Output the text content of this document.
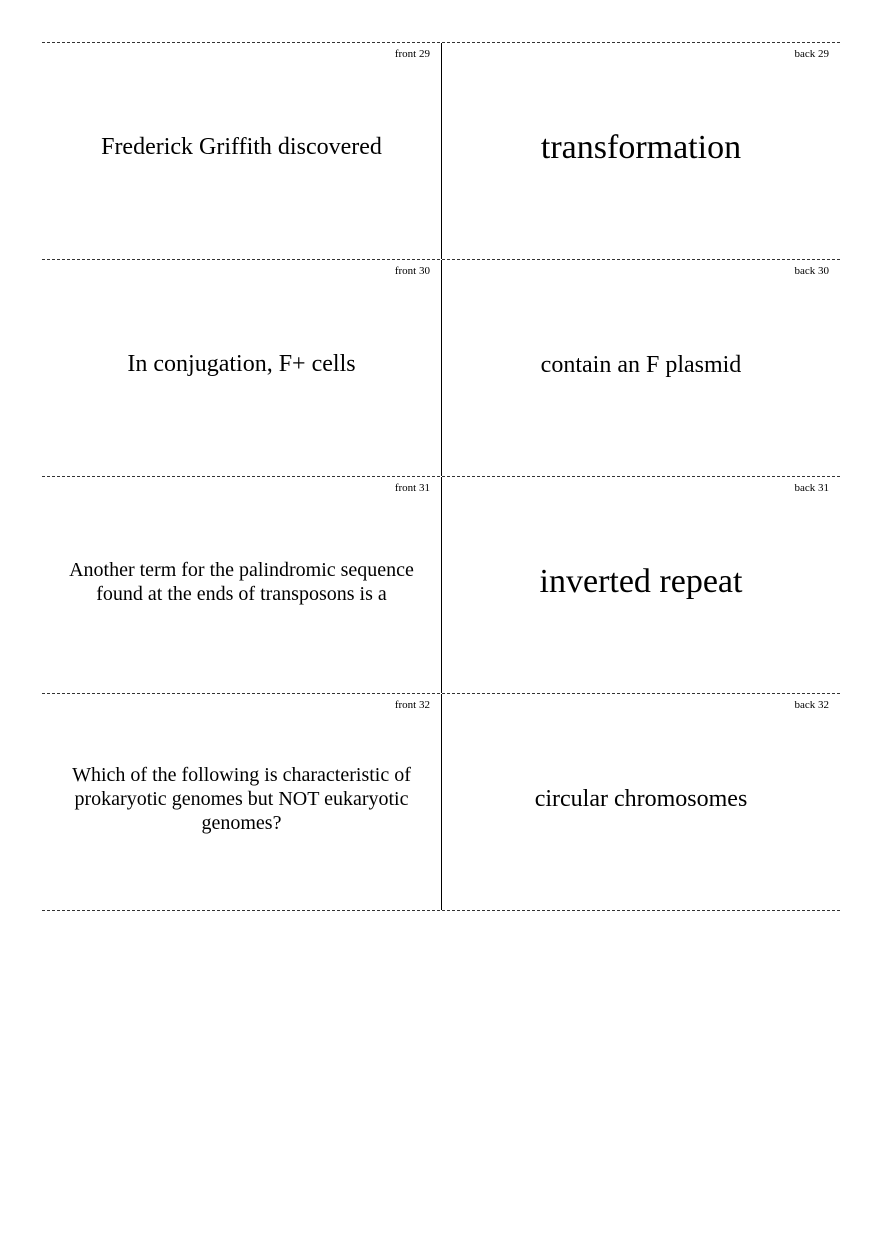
front 29
Frederick Griffith discovered
back 29
transformation
front 30
In conjugation, F+ cells
back 30
contain an F plasmid
front 31
Another term for the palindromic sequence found at the ends of transposons is a
back 31
inverted repeat
front 32
Which of the following is characteristic of prokaryotic genomes but NOT eukaryotic genomes?
back 32
circular chromosomes
